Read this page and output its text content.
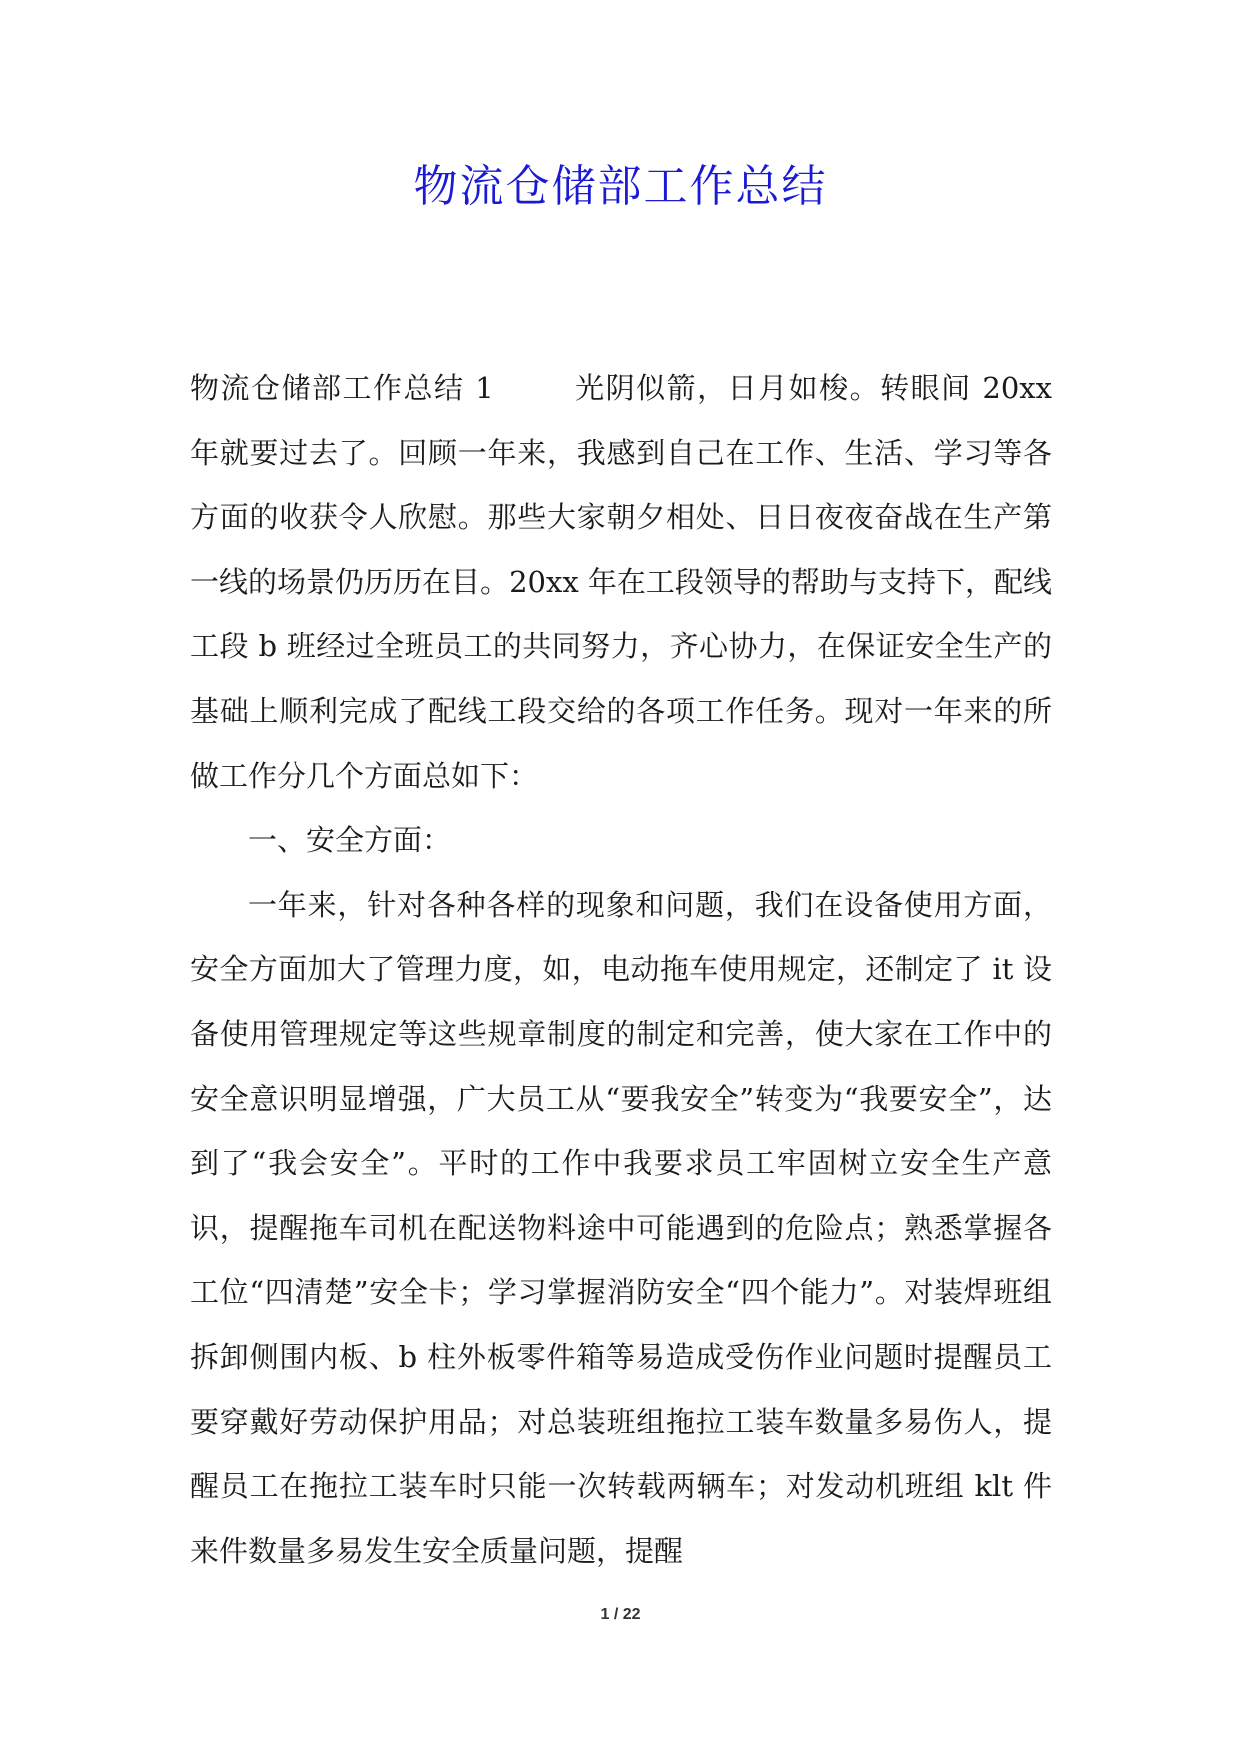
物流仓储部工作总结

物流仓储部工作总结 1	光阴似箭，日月如梭。转眼间 20xx 年就要过去了。回顾一年来，我感到自己在工作、生活、学习等各方面的收获令人欣慰。那些大家朝夕相处、日日夜夜奋战在生产第一线的场景仍历历在目。20xx 年在工段领导的帮助与支持下，配线工段 b 班经过全班员工的共同努力，齐心协力，在保证安全生产的基础上顺利完成了配线工段交给的各项工作任务。现对一年来的所做工作分几个方面总如下：

一、安全方面：

一年来，针对各种各样的现象和问题，我们在设备使用方面，安全方面加大了管理力度，如，电动拖车使用规定，还制定了 it 设备使用管理规定等这些规章制度的制定和完善，使大家在工作中的安全意识明显增强，广大员工从“要我安全”转变为“我要安全”，达到了“我会安全”。平时的工作中我要求员工牢固树立安全生产意识，提醒拖车司机在配送物料途中可能遇到的危险点；熟悉掌握各工位“四清楚”安全卡；学习掌握消防安全“四个能力”。对装焊班组拆卸侧围内板、b 柱外板零件箱等易造成受伤作业问题时提醒员工要穿戴好劳动保护用品；对总装班组拖拉工装车数量多易伤人，提醒员工在拖拉工装车时只能一次转载两辆车；对发动机班组 klt 件来件数量多易发生安全质量问题，提醒

1 / 22
